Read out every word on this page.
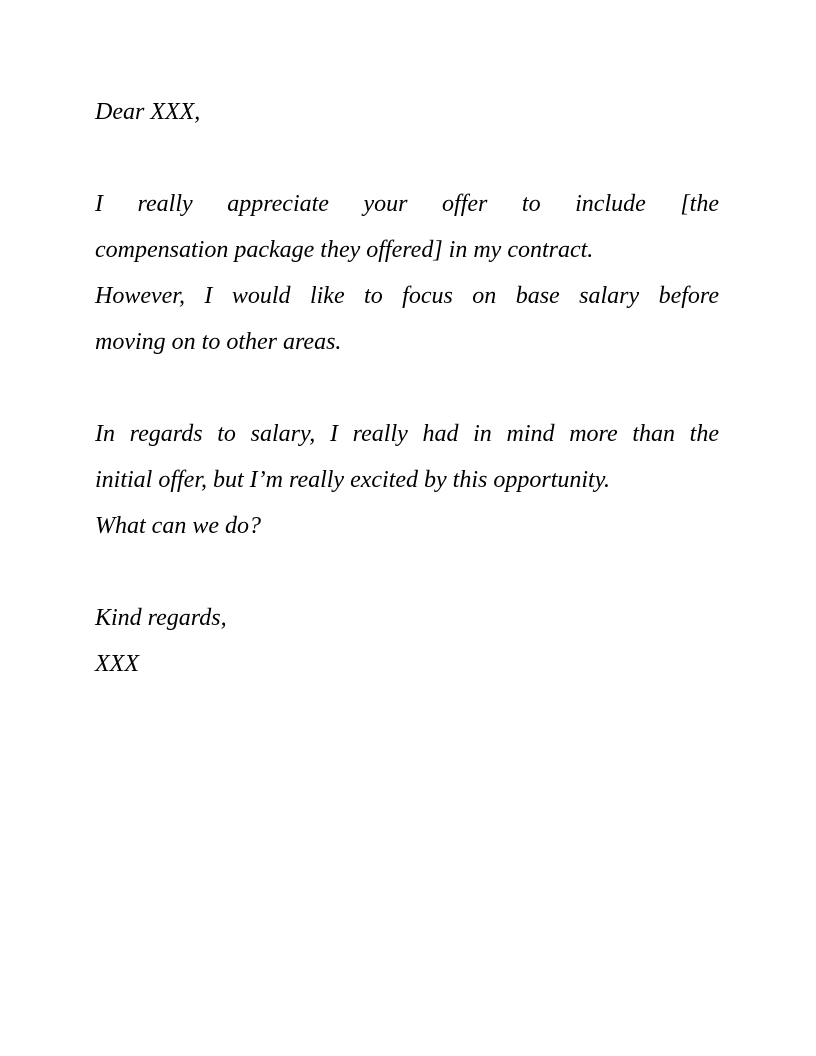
Dear XXX,
I really appreciate your offer to include [the
compensation package they offered] in my contract.
However, I would like to focus on base salary before
moving on to other areas.
In regards to salary, I really had in mind more than the
initial offer, but I’m really excited by this opportunity.
What can we do?
Kind regards,
XXX
